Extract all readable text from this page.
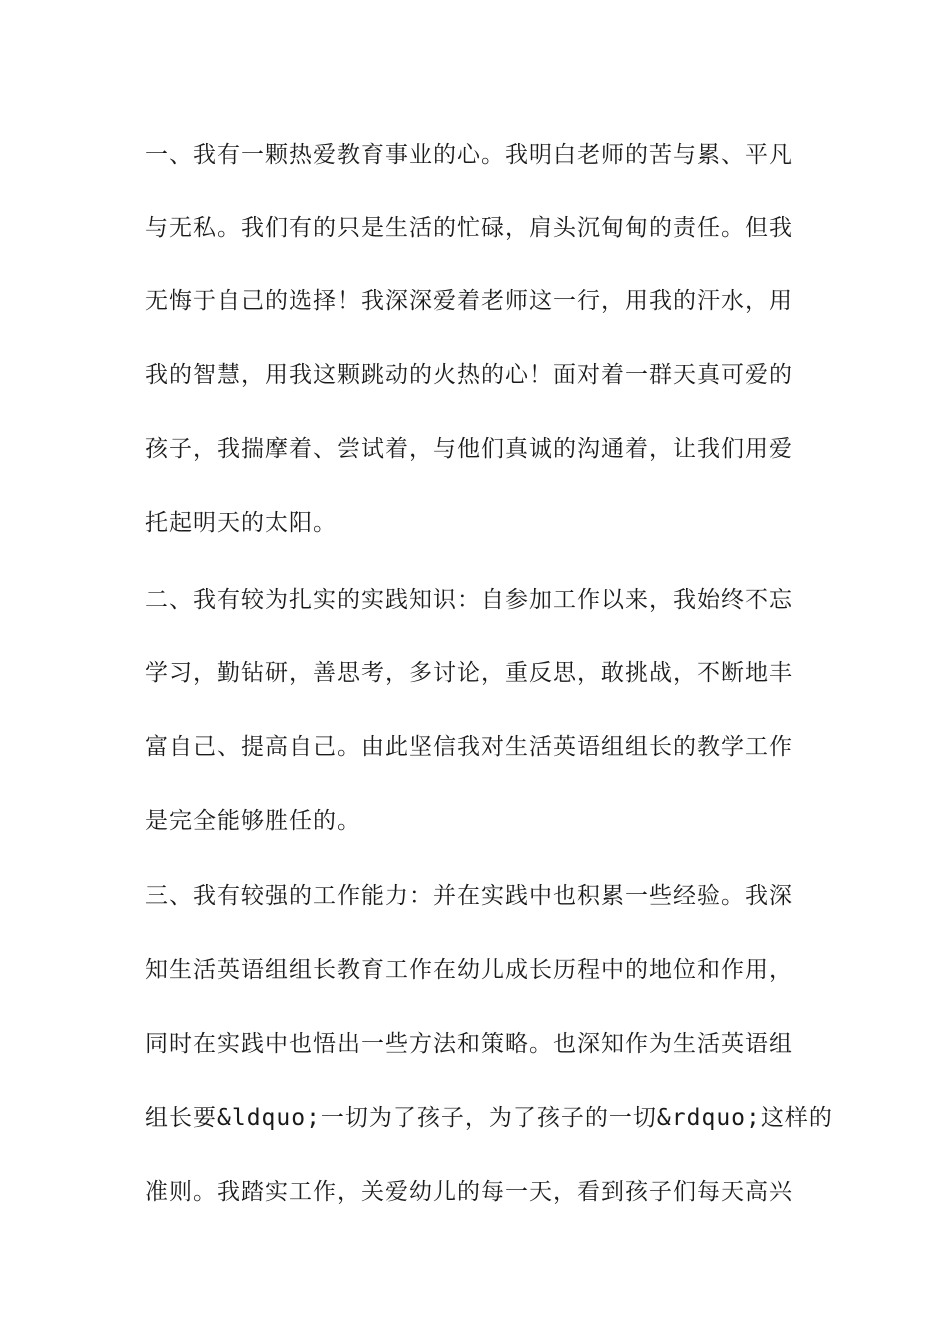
一、我有一颗热爱教育事业的心。我明白老师的苦与累、平凡
与无私。我们有的只是生活的忙碌，肩头沉甸甸的责任。但我
无悔于自己的选择！我深深爱着老师这一行，用我的汗水，用
我的智慧，用我这颗跳动的火热的心！面对着一群天真可爱的
孩子，我揣摩着、尝试着，与他们真诚的沟通着，让我们用爱
托起明天的太阳。
二、我有较为扎实的实践知识：自参加工作以来，我始终不忘
学习，勤钻研，善思考，多讨论，重反思，敢挑战，不断地丰
富自己、提高自己。由此坚信我对生活英语组组长的教学工作
是完全能够胜任的。
三、我有较强的工作能力：并在实践中也积累一些经验。我深
知生活英语组组长教育工作在幼儿成长历程中的地位和作用，
同时在实践中也悟出一些方法和策略。也深知作为生活英语组
组长要&ldquo;一切为了孩子，为了孩子的一切&rdquo;这样的
准则。我踏实工作，关爱幼儿的每一天，看到孩子们每天高兴
